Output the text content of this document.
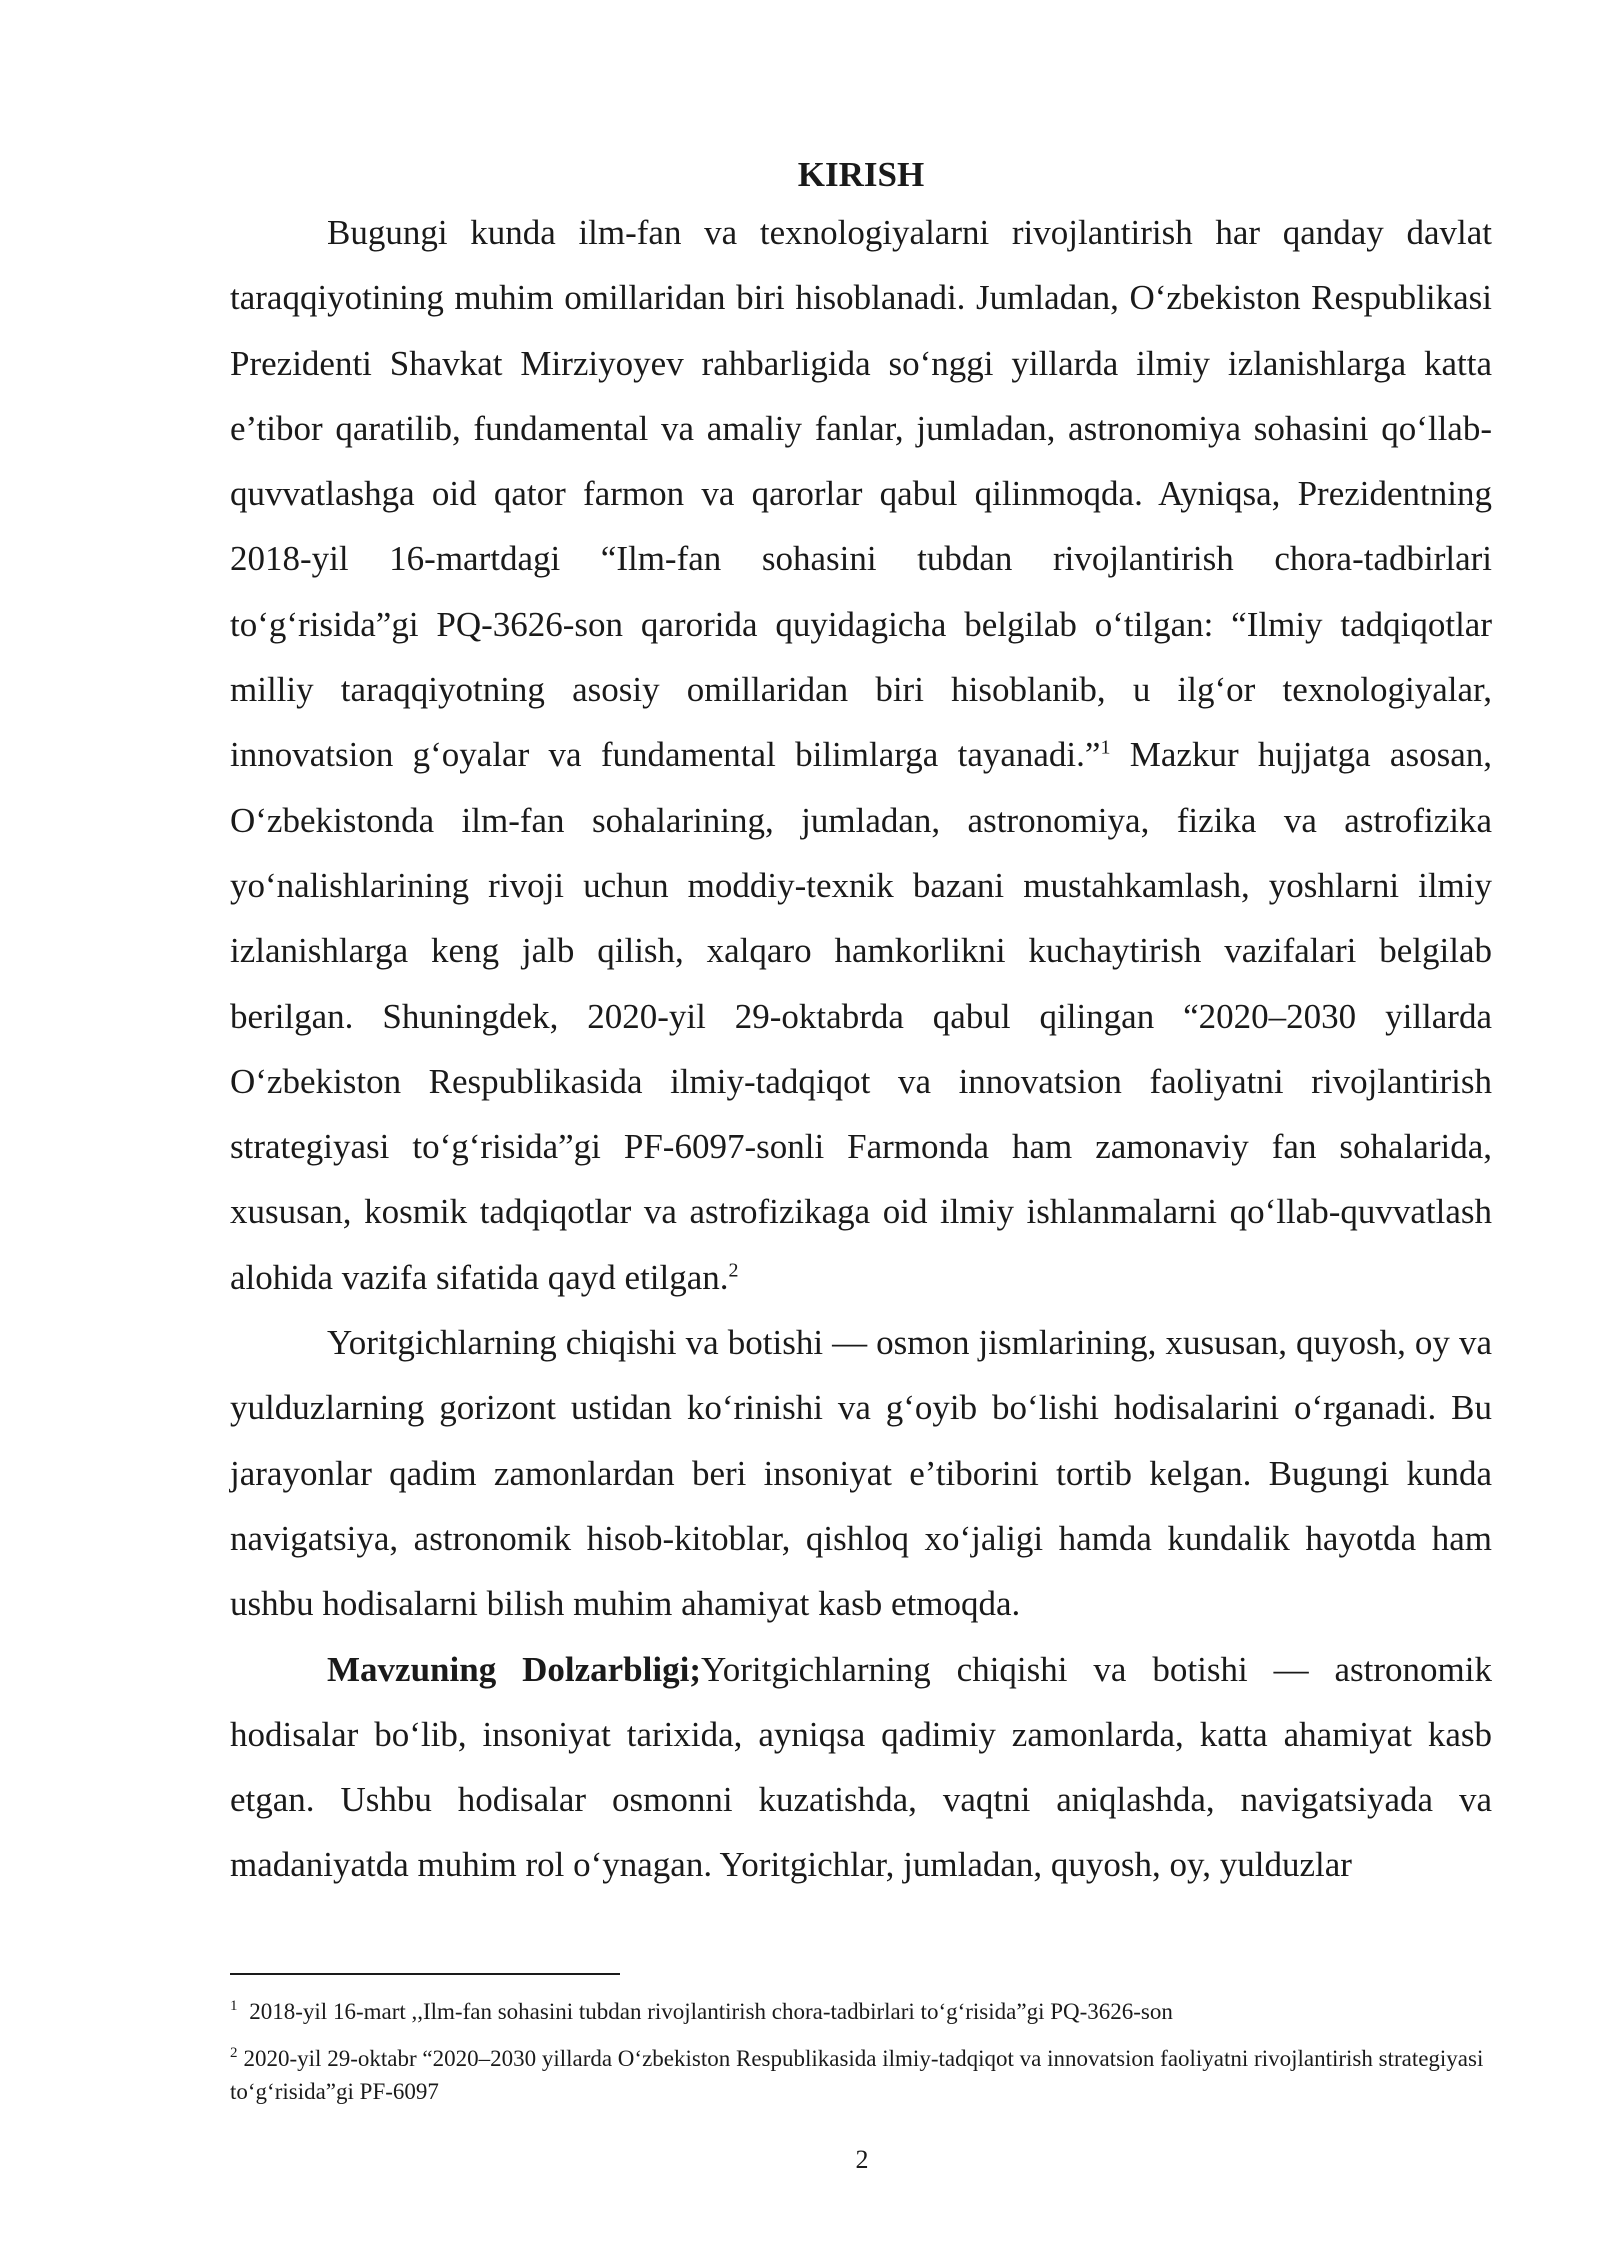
KIRISH

Bugungi kunda ilm-fan va texnologiyalarni rivojlantirish har qanday davlat taraqqiyotining muhim omillaridan biri hisoblanadi. Jumladan, O‘zbekiston Respublikasi Prezidenti Shavkat Mirziyoyev rahbarligida so‘nggi yillarda ilmiy izlanishlarga katta e’tibor qaratilib, fundamental va amaliy fanlar, jumladan, astronomiya sohasini qo‘llab-quvvatlashga oid qator farmon va qarorlar qabul qilinmoqda. Ayniqsa, Prezidentning 2018-yil 16-martdagi “Ilm-fan sohasini tubdan rivojlantirish chora-tadbirlari to‘g‘risida”gi PQ-3626-son qarorida quyidagicha belgilab o‘tilgan: “Ilmiy tadqiqotlar milliy taraqqiyotning asosiy omillaridan biri hisoblanib, u ilg‘or texnologiyalar, innovatsion g‘oyalar va fundamental bilimlarga tayanadi.”$^1$ Mazkur hujjatga asosan, O‘zbekistonda ilm-fan sohalarining, jumladan, astronomiya, fizika va astrofizika yo‘nalishlarining rivoji uchun moddiy-texnik bazani mustahkamlash, yoshlarni ilmiy izlanishlarga keng jalb qilish, xalqaro hamkorlikni kuchaytirish vazifalari belgilab berilgan. Shuningdek, 2020-yil 29-oktabrda qabul qilingan “2020–2030 yillarda O‘zbekiston Respublikasida ilmiy-tadqiqot va innovatsion faoliyatni rivojlantirish strategiyasi to‘g‘risida”gi PF-6097-sonli Farmonda ham zamonaviy fan sohalarida, xususan, kosmik tadqiqotlar va astrofizikaga oid ilmiy ishlanmalarni qo‘llab-quvvatlash alohida vazifa sifatida qayd etilgan.$^2$

Yoritgichlarning chiqishi va botishi — osmon jismlarining, xususan, quyosh, oy va yulduzlarning gorizont ustidan ko‘rinishi va g‘oyib bo‘lishi hodisalarini o‘rganadi. Bu jarayonlar qadim zamonlardan beri insoniyat e’tiborini tortib kelgan. Bugungi kunda navigatsiya, astronomik hisob-kitoblar, qishloq xo‘jaligi hamda kundalik hayotda ham ushbu hodisalarni bilish muhim ahamiyat kasb etmoqda.

Mavzuning Dolzarbligi;Yoritgichlarning chiqishi va botishi — astronomik hodisalar bo‘lib, insoniyat tarixida, ayniqsa qadimiy zamonlarda, katta ahamiyat kasb etgan. Ushbu hodisalar osmonni kuzatishda, vaqtni aniqlashda, navigatsiyada va madaniyatda muhim rol o‘ynagan. Yoritgichlar, jumladan, quyosh, oy, yulduzlar

$^1$ 2018-yil 16-mart ,,Ilm-fan sohasini tubdan rivojlantirish chora-tadbirlari to‘g‘risida”gi PQ-3626-son

$^2$ 2020-yil 29-oktabr “2020–2030 yillarda O‘zbekiston Respublikasida ilmiy-tadqiqot va innovatsion faoliyatni rivojlantirish strategiyasi to‘g‘risida”gi PF-6097

2
